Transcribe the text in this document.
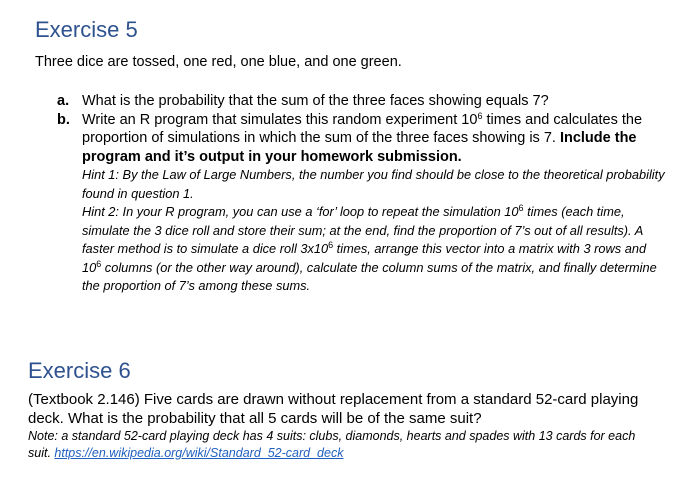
Exercise 5

Three dice are tossed, one red, one blue, and one green.

a. What is the probability that the sum of the three faces showing equals 7?
b. Write an R program that simulates this random experiment $10^6$ times and calculates the proportion of simulations in which the sum of the three faces showing is 7. Include the program and it’s output in your homework submission.
Hint 1: By the Law of Large Numbers, the number you find should be close to the theoretical probability found in question 1.
Hint 2: In your R program, you can use a ‘for’ loop to repeat the simulation $10^6$ times (each time, simulate the 3 dice roll and store their sum; at the end, find the proportion of 7’s out of all results). A faster method is to simulate a dice roll $3x10^6$ times, arrange this vector into a matrix with 3 rows and $10^6$ columns (or the other way around), calculate the column sums of the matrix, and finally determine the proportion of 7’s among these sums.
Exercise 6

(Textbook 2.146) Five cards are drawn without replacement from a standard 52-card playing deck. What is the probability that all 5 cards will be of the same suit?

Note: a standard 52-card playing deck has 4 suits: clubs, diamonds, hearts and spades with 13 cards for each suit. https://en.wikipedia.org/wiki/Standard_52-card_deck
